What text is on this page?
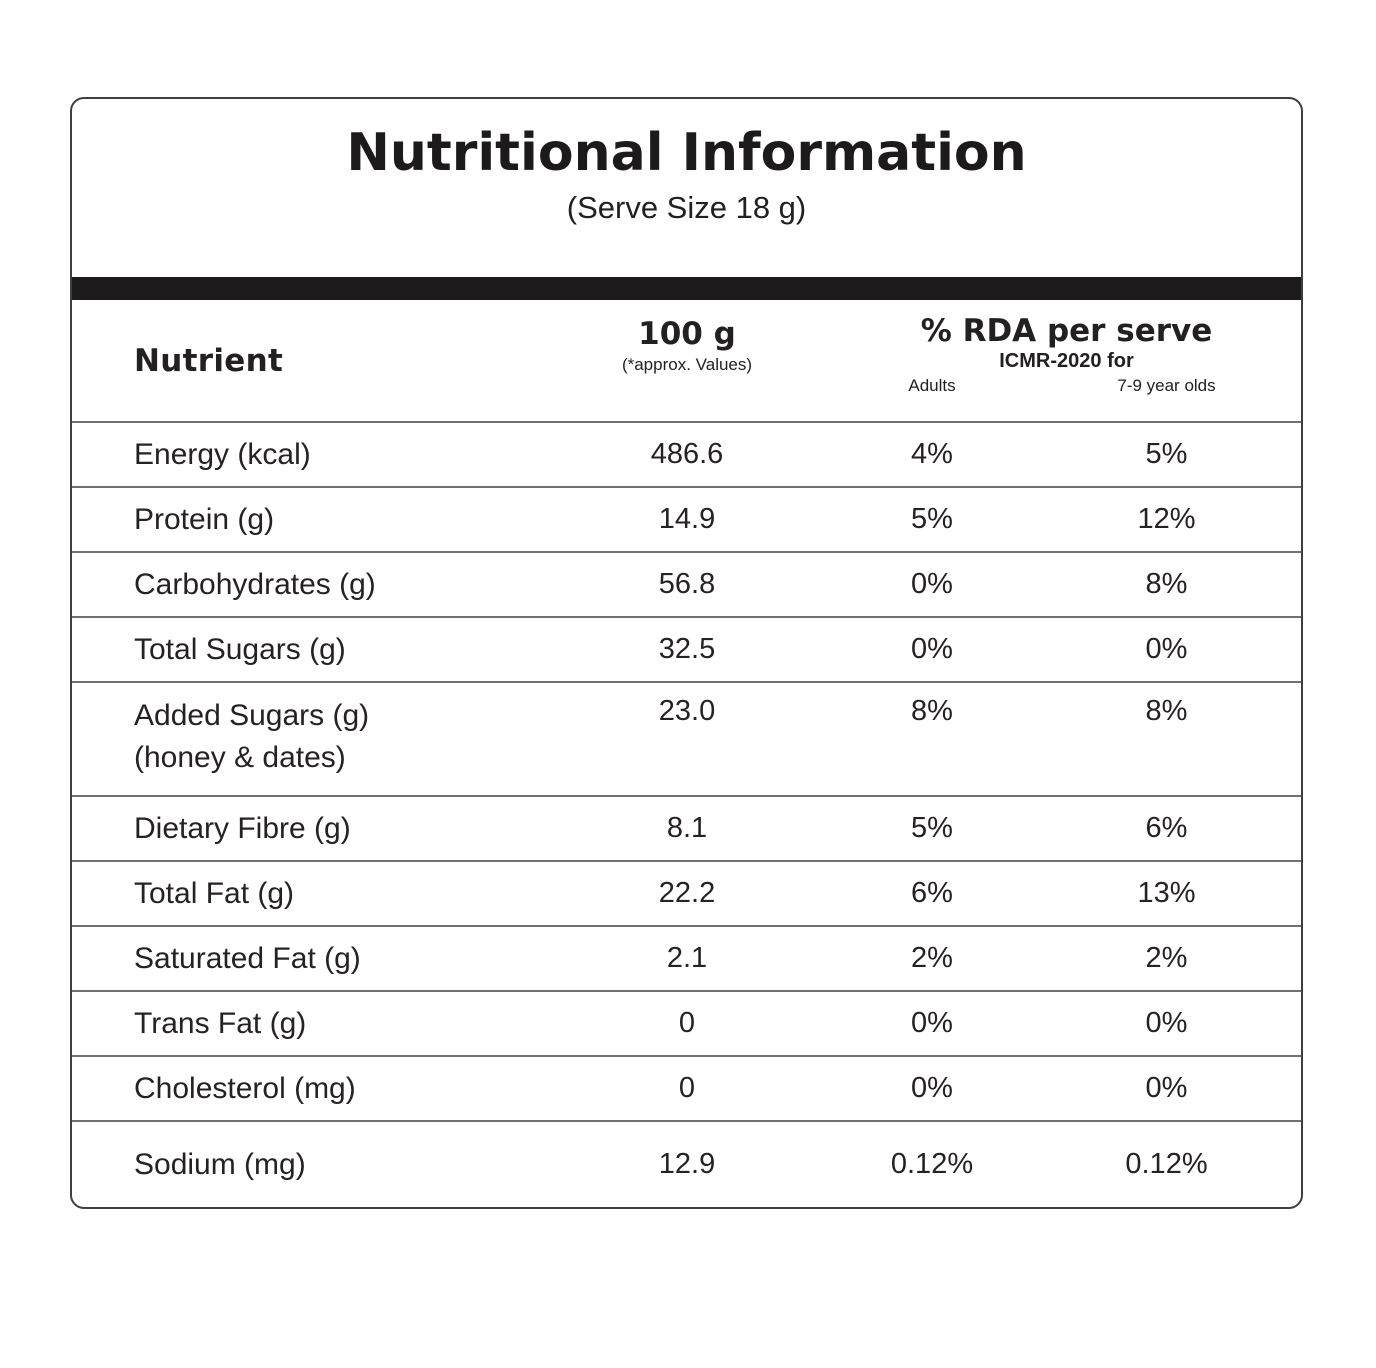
Nutritional Information
(Serve Size 18 g)
Nutrient
100 g
(*approx. Values)
% RDA per serve
ICMR-2020 for
Adults	7-9 year olds
Energy (kcal)	486.6	4%	5%
Protein (g)	14.9	5%	12%
Carbohydrates (g)	56.8	0%	8%
Total Sugars (g)	32.5	0%	0%
Added Sugars (g)
(honey & dates)
23.0	8%	8%
Dietary Fibre (g)	8.1	5%	6%
Total Fat (g)	22.2	6%	13%
Saturated Fat (g)	2.1	2%	2%
Trans Fat (g)	0	0%	0%
Cholesterol (mg)	0	0%	0%
Sodium (mg)	12.9	0.12%	0.12%
